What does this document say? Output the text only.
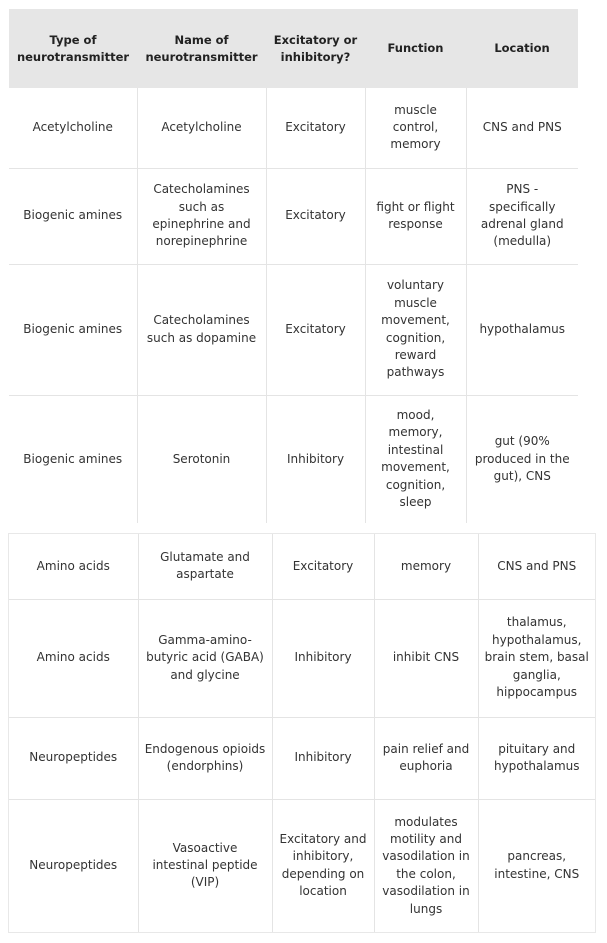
Type of neurotransmitter	Name of neurotransmitter	Excitatory or inhibitory?	Function	Location
Acetylcholine	Acetylcholine	Excitatory	muscle control, memory	CNS and PNS
Biogenic amines	Catecholamines such as epinephrine and norepinephrine	Excitatory	fight or flight response	PNS - specifically adrenal gland (medulla)
Biogenic amines	Catecholamines such as dopamine	Excitatory	voluntary muscle movement, cognition, reward pathways	hypothalamus
Biogenic amines	Serotonin	Inhibitory	mood, memory, intestinal movement, cognition, sleep	gut (90% produced in the gut), CNS
Amino acids	Glutamate and aspartate	Excitatory	memory	CNS and PNS
Amino acids	Gamma-amino-butyric acid (GABA) and glycine	Inhibitory	inhibit CNS	thalamus, hypothalamus, brain stem, basal ganglia, hippocampus
Neuropeptides	Endogenous opioids (endorphins)	Inhibitory	pain relief and euphoria	pituitary and hypothalamus
Neuropeptides	Vasoactive intestinal peptide (VIP)	Excitatory and inhibitory, depending on location	modulates motility and vasodilation in the colon, vasodilation in lungs	pancreas, intestine, CNS
